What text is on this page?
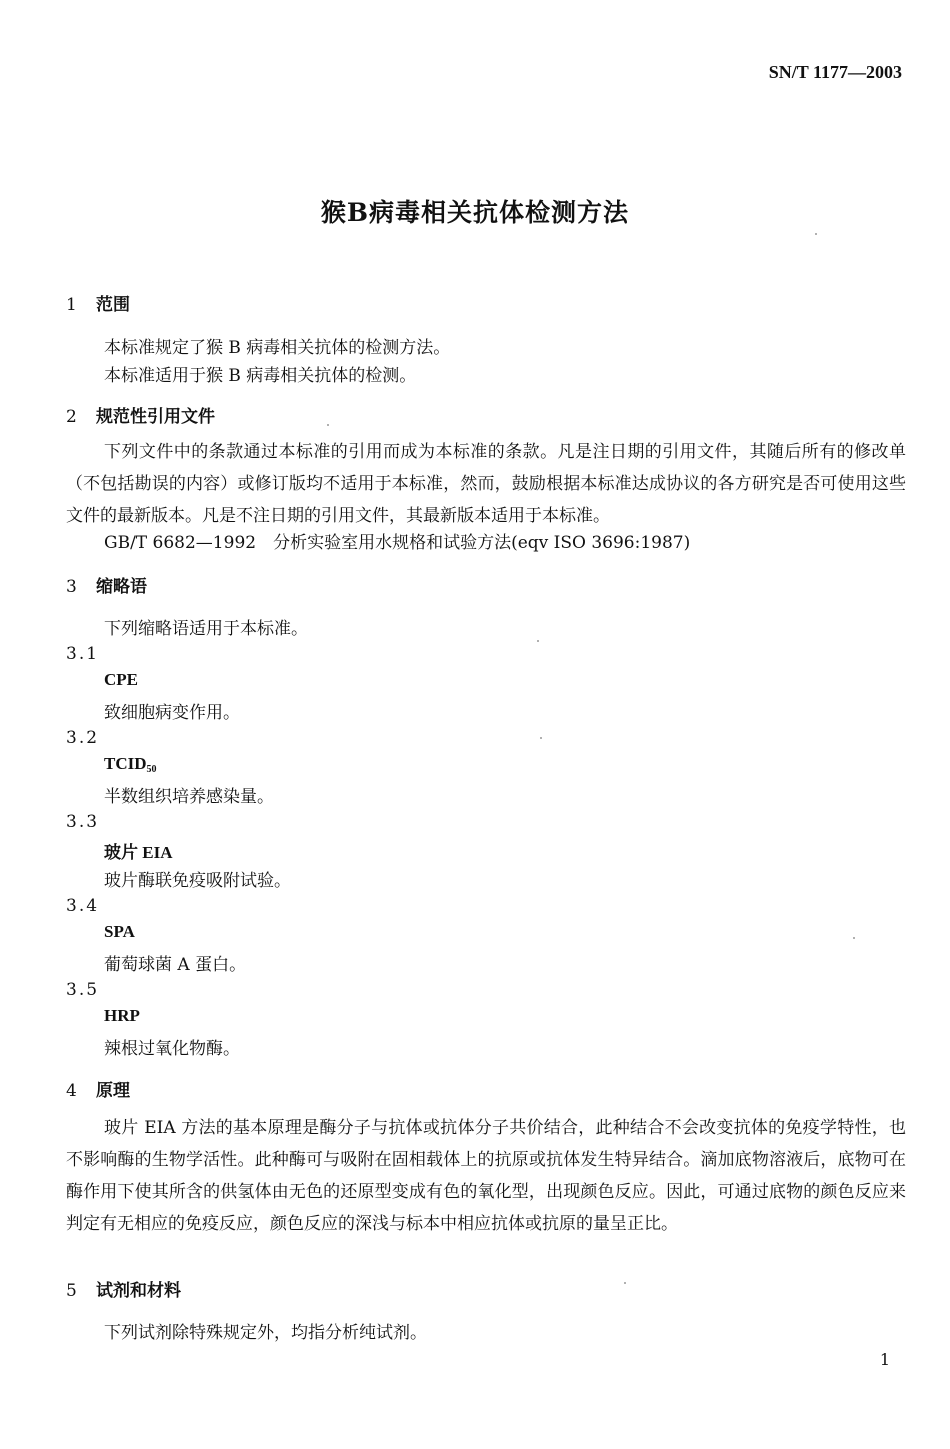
SN/T 1177—2003
猴B病毒相关抗体检测方法
1 范围
本标准规定了猴 B 病毒相关抗体的检测方法。
本标准适用于猴 B 病毒相关抗体的检测。
2 规范性引用文件
下列文件中的条款通过本标准的引用而成为本标准的条款。凡是注日期的引用文件，其随后所有的修改单（不包括勘误的内容）或修订版均不适用于本标准，然而，鼓励根据本标准达成协议的各方研究是否可使用这些文件的最新版本。凡是不注日期的引用文件，其最新版本适用于本标准。
GB/T 6682—1992　分析实验室用水规格和试验方法(eqv ISO 3696:1987)
3 缩略语
下列缩略语适用于本标准。
3.1
CPE
致细胞病变作用。
3.2
$TCID_{50}$
半数组织培养感染量。
3.3
玻片 EIA
玻片酶联免疫吸附试验。
3.4
SPA
葡萄球菌 A 蛋白。
3.5
HRP
辣根过氧化物酶。
4 原理
玻片 EIA 方法的基本原理是酶分子与抗体或抗体分子共价结合，此种结合不会改变抗体的免疫学特性，也不影响酶的生物学活性。此种酶可与吸附在固相载体上的抗原或抗体发生特异结合。滴加底物溶液后，底物可在酶作用下使其所含的供氢体由无色的还原型变成有色的氧化型，出现颜色反应。因此，可通过底物的颜色反应来判定有无相应的免疫反应，颜色反应的深浅与标本中相应抗体或抗原的量呈正比。
5 试剂和材料
下列试剂除特殊规定外，均指分析纯试剂。
1
